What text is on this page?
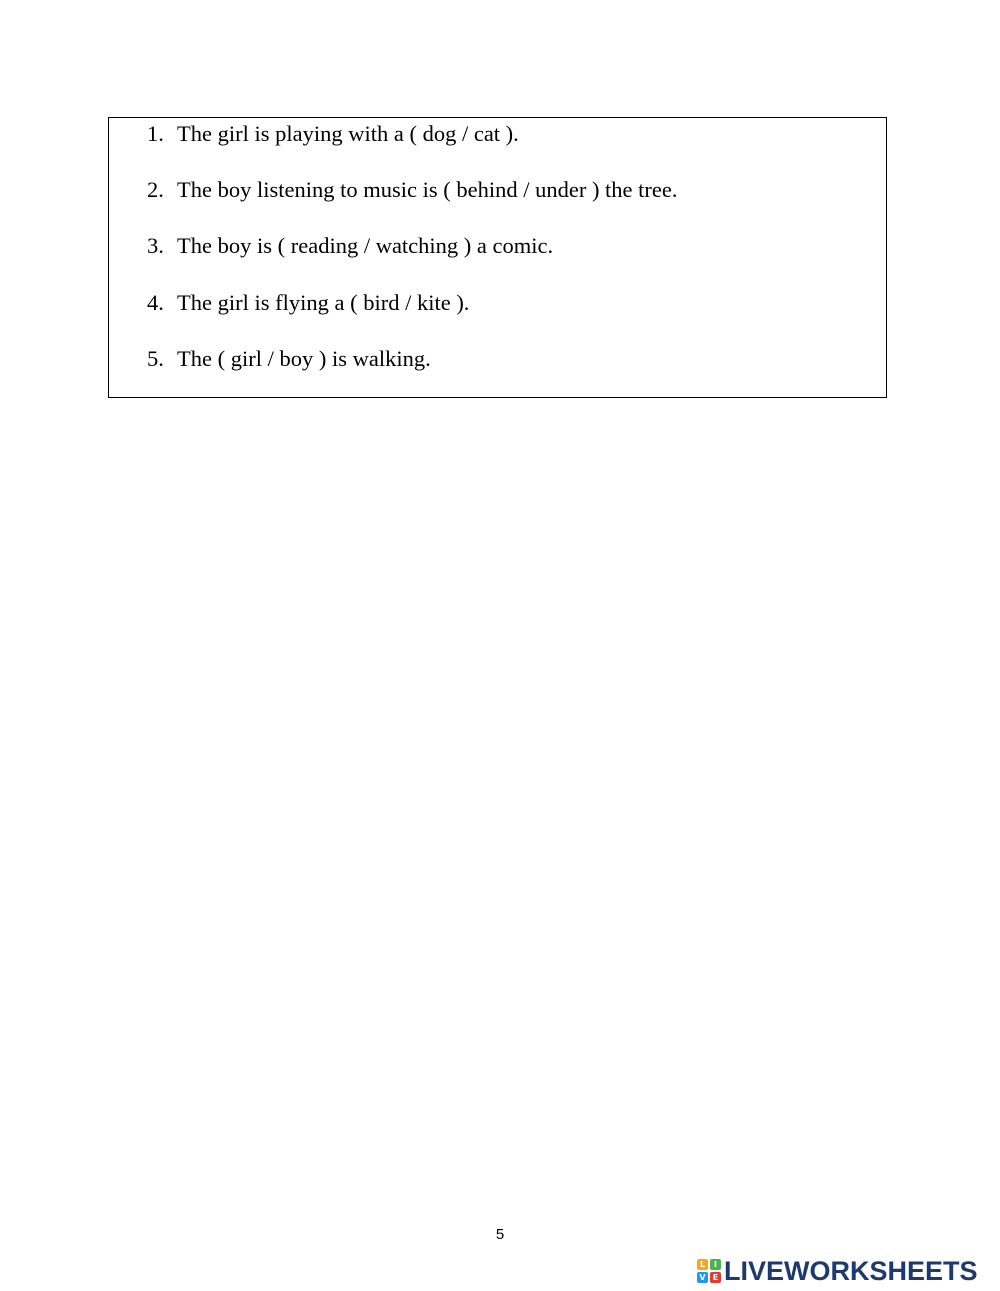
1. The girl is playing with a ( dog / cat ).
2. The boy listening to music is ( behind / under ) the tree.
3. The boy is ( reading / watching ) a comic.
4. The girl is flying a ( bird / kite ).
5. The ( girl / boy ) is walking.
5
L	I
V E LIVEWORKSHEETS
